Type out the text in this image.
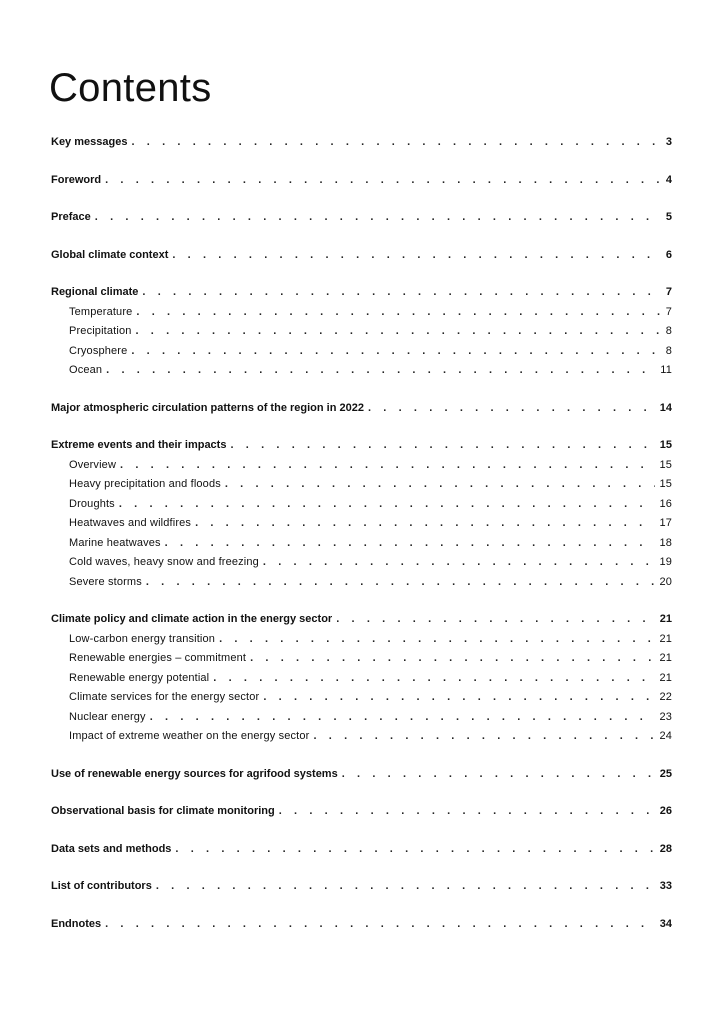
Contents
Key messages . . .	3
Foreword . . .	4
Preface . . .	5
Global climate context . . .	6
Regional climate . . .	7
Temperature . . .	7
Precipitation . . .	8
Cryosphere . . .	8
Ocean . . .	11
Major atmospheric circulation patterns of the region in 2022 . . .	14
Extreme events and their impacts . . .	15
Overview . . .	15
Heavy precipitation and floods . . .	15
Droughts . . .	16
Heatwaves and wildfires . . .	17
Marine heatwaves . . .	18
Cold waves, heavy snow and freezing . . .	19
Severe storms . . .	20
Climate policy and climate action in the energy sector . . .	21
Low-carbon energy transition . . .	21
Renewable energies – commitment . . .	21
Renewable energy potential . . .	21
Climate services for the energy sector . . .	22
Nuclear energy . . .	23
Impact of extreme weather on the energy sector . . .	24
Use of renewable energy sources for agrifood systems . . .	25
Observational basis for climate monitoring . . .	26
Data sets and methods . . .	28
List of contributors . . .	33
Endnotes . . .	34
